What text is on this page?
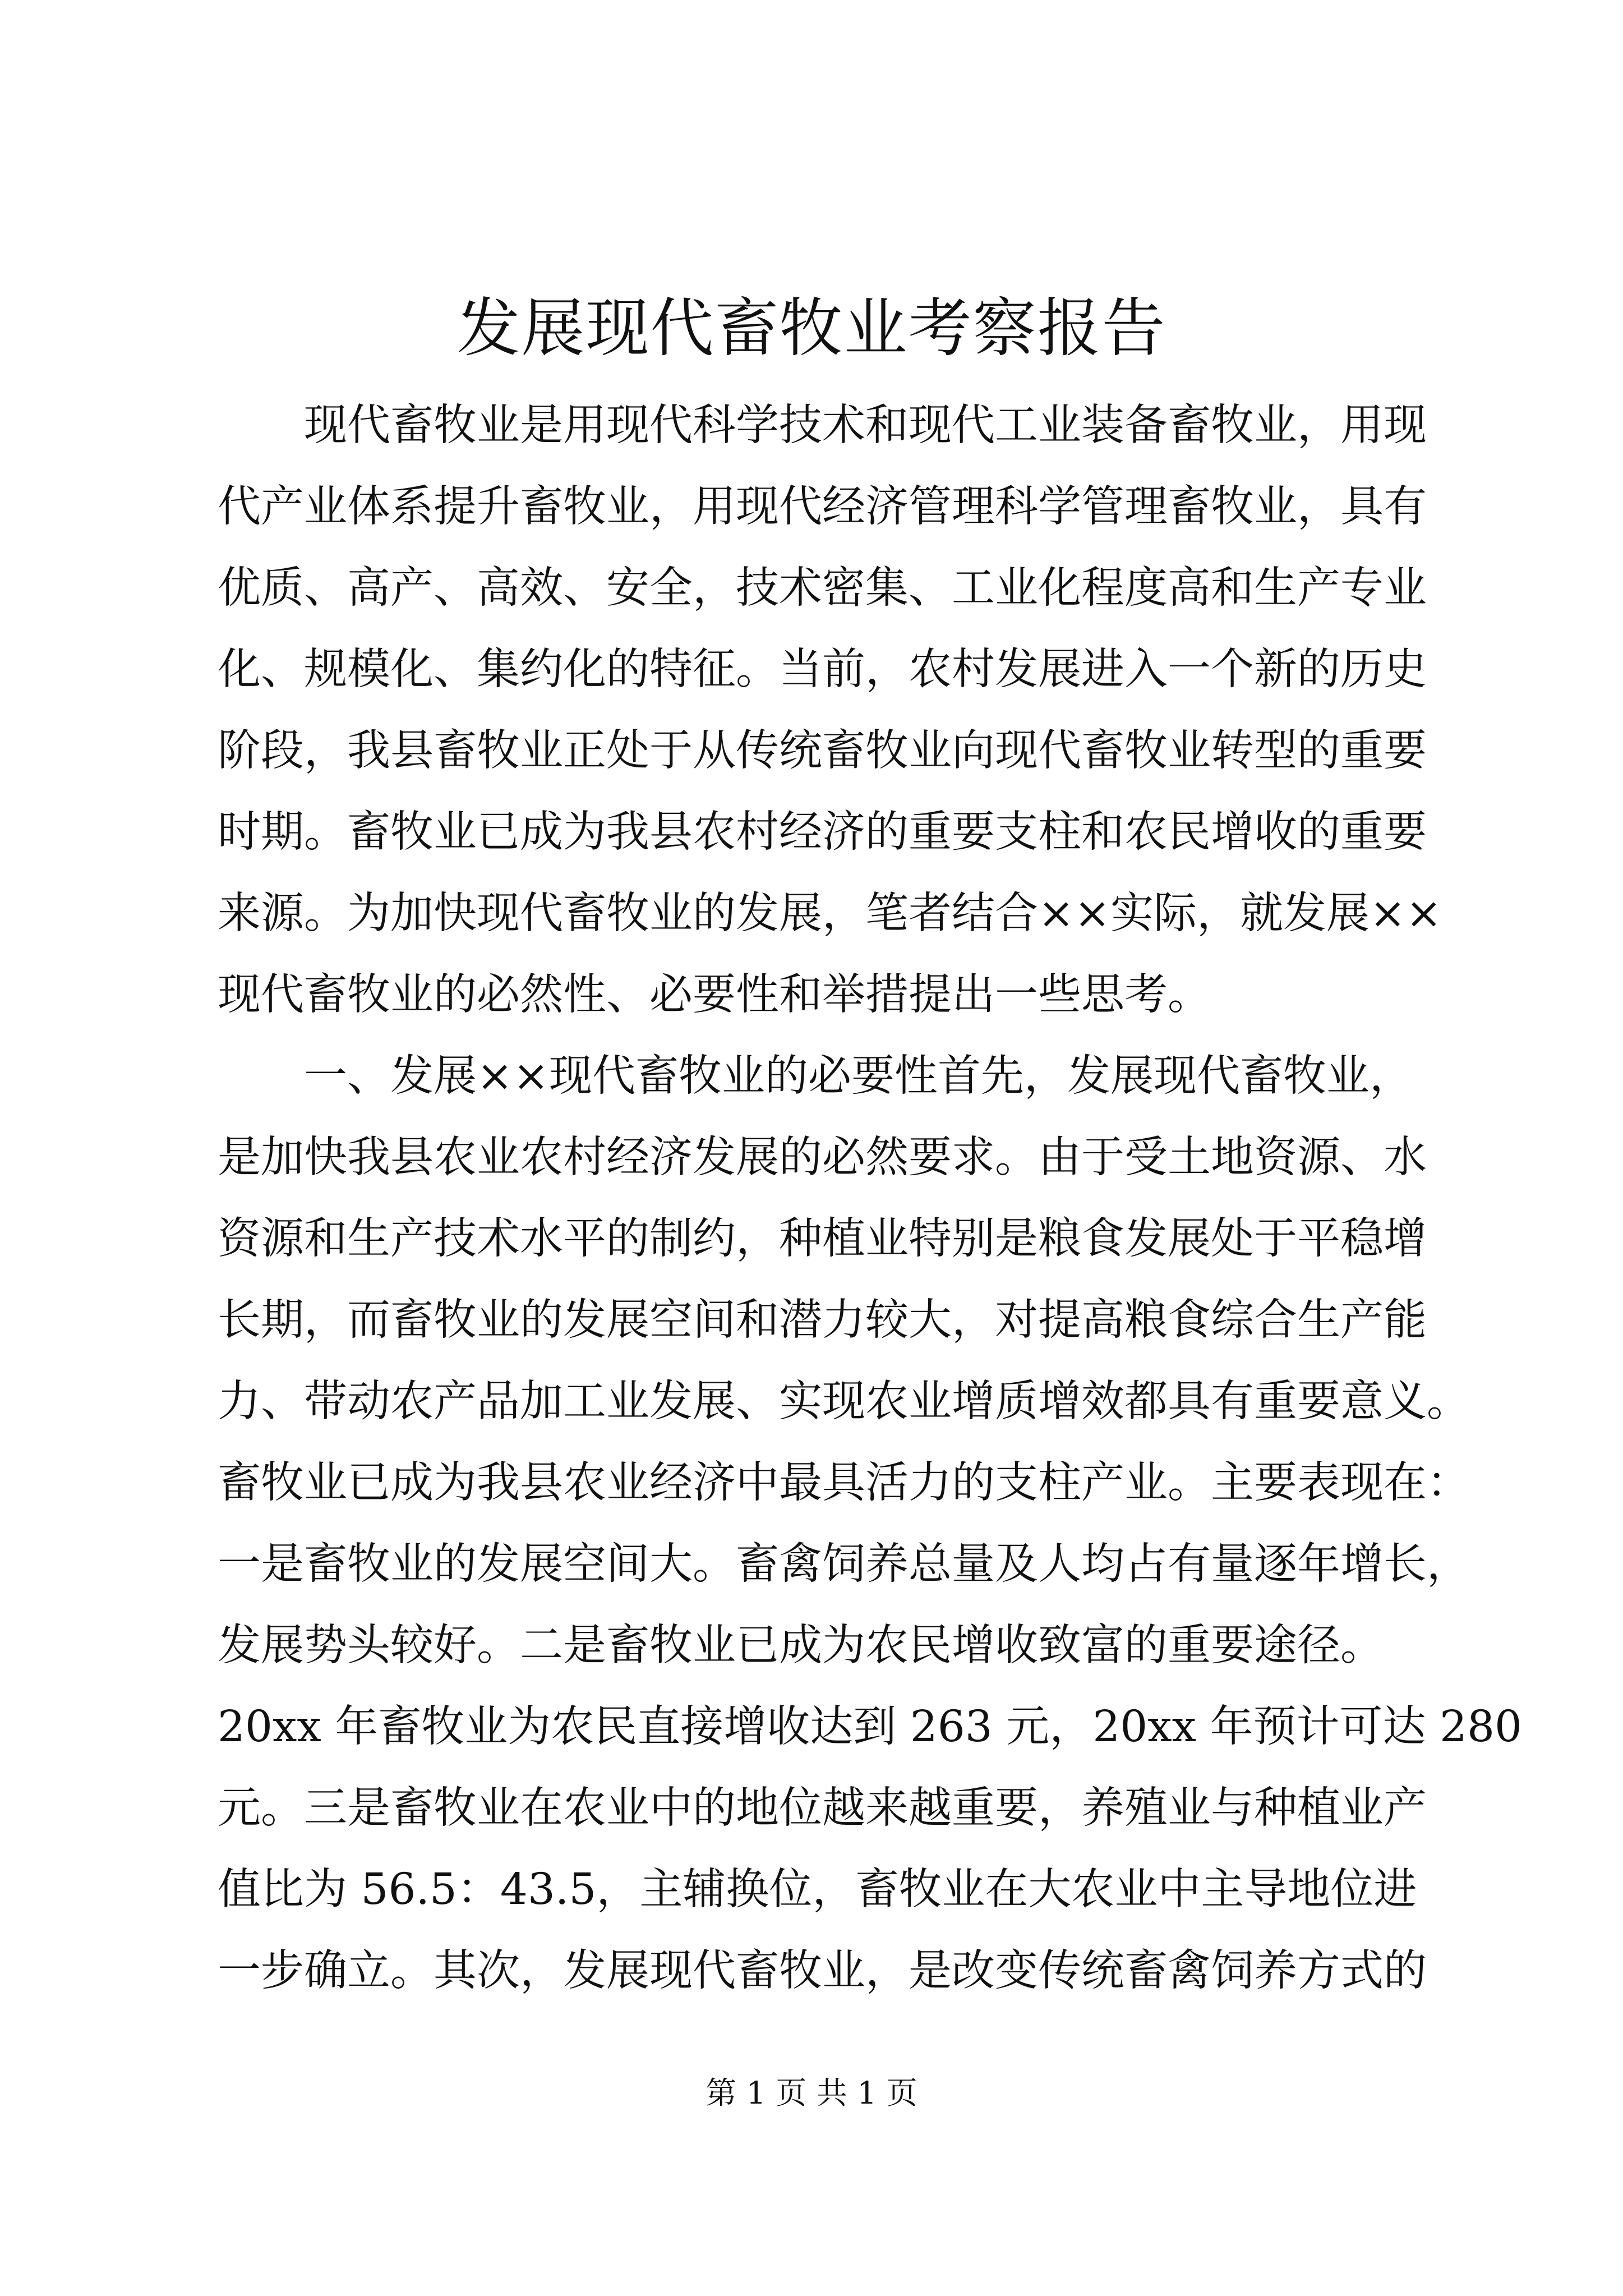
发展现代畜牧业考察报告
　　现代畜牧业是用现代科学技术和现代工业装备畜牧业，用现
代产业体系提升畜牧业，用现代经济管理科学管理畜牧业，具有
优质、高产、高效、安全，技术密集、工业化程度高和生产专业
化、规模化、集约化的特征。当前，农村发展进入一个新的历史
阶段，我县畜牧业正处于从传统畜牧业向现代畜牧业转型的重要
时期。畜牧业已成为我县农村经济的重要支柱和农民增收的重要
来源。为加快现代畜牧业的发展，笔者结合××实际，就发展××
现代畜牧业的必然性、必要性和举措提出一些思考。
　　一、发展××现代畜牧业的必要性首先，发展现代畜牧业，
是加快我县农业农村经济发展的必然要求。由于受土地资源、水
资源和生产技术水平的制约，种植业特别是粮食发展处于平稳增
长期，而畜牧业的发展空间和潜力较大，对提高粮食综合生产能
力、带动农产品加工业发展、实现农业增质增效都具有重要意义。
畜牧业已成为我县农业经济中最具活力的支柱产业。主要表现在：
一是畜牧业的发展空间大。畜禽饲养总量及人均占有量逐年增长，
发展势头较好。二是畜牧业已成为农民增收致富的重要途径。
20xx 年畜牧业为农民直接增收达到 263 元，20xx 年预计可达 280
元。三是畜牧业在农业中的地位越来越重要，养殖业与种植业产
值比为 56.5：43.5，主辅换位，畜牧业在大农业中主导地位进
一步确立。其次，发展现代畜牧业，是改变传统畜禽饲养方式的
第 1 页 共 1 页
